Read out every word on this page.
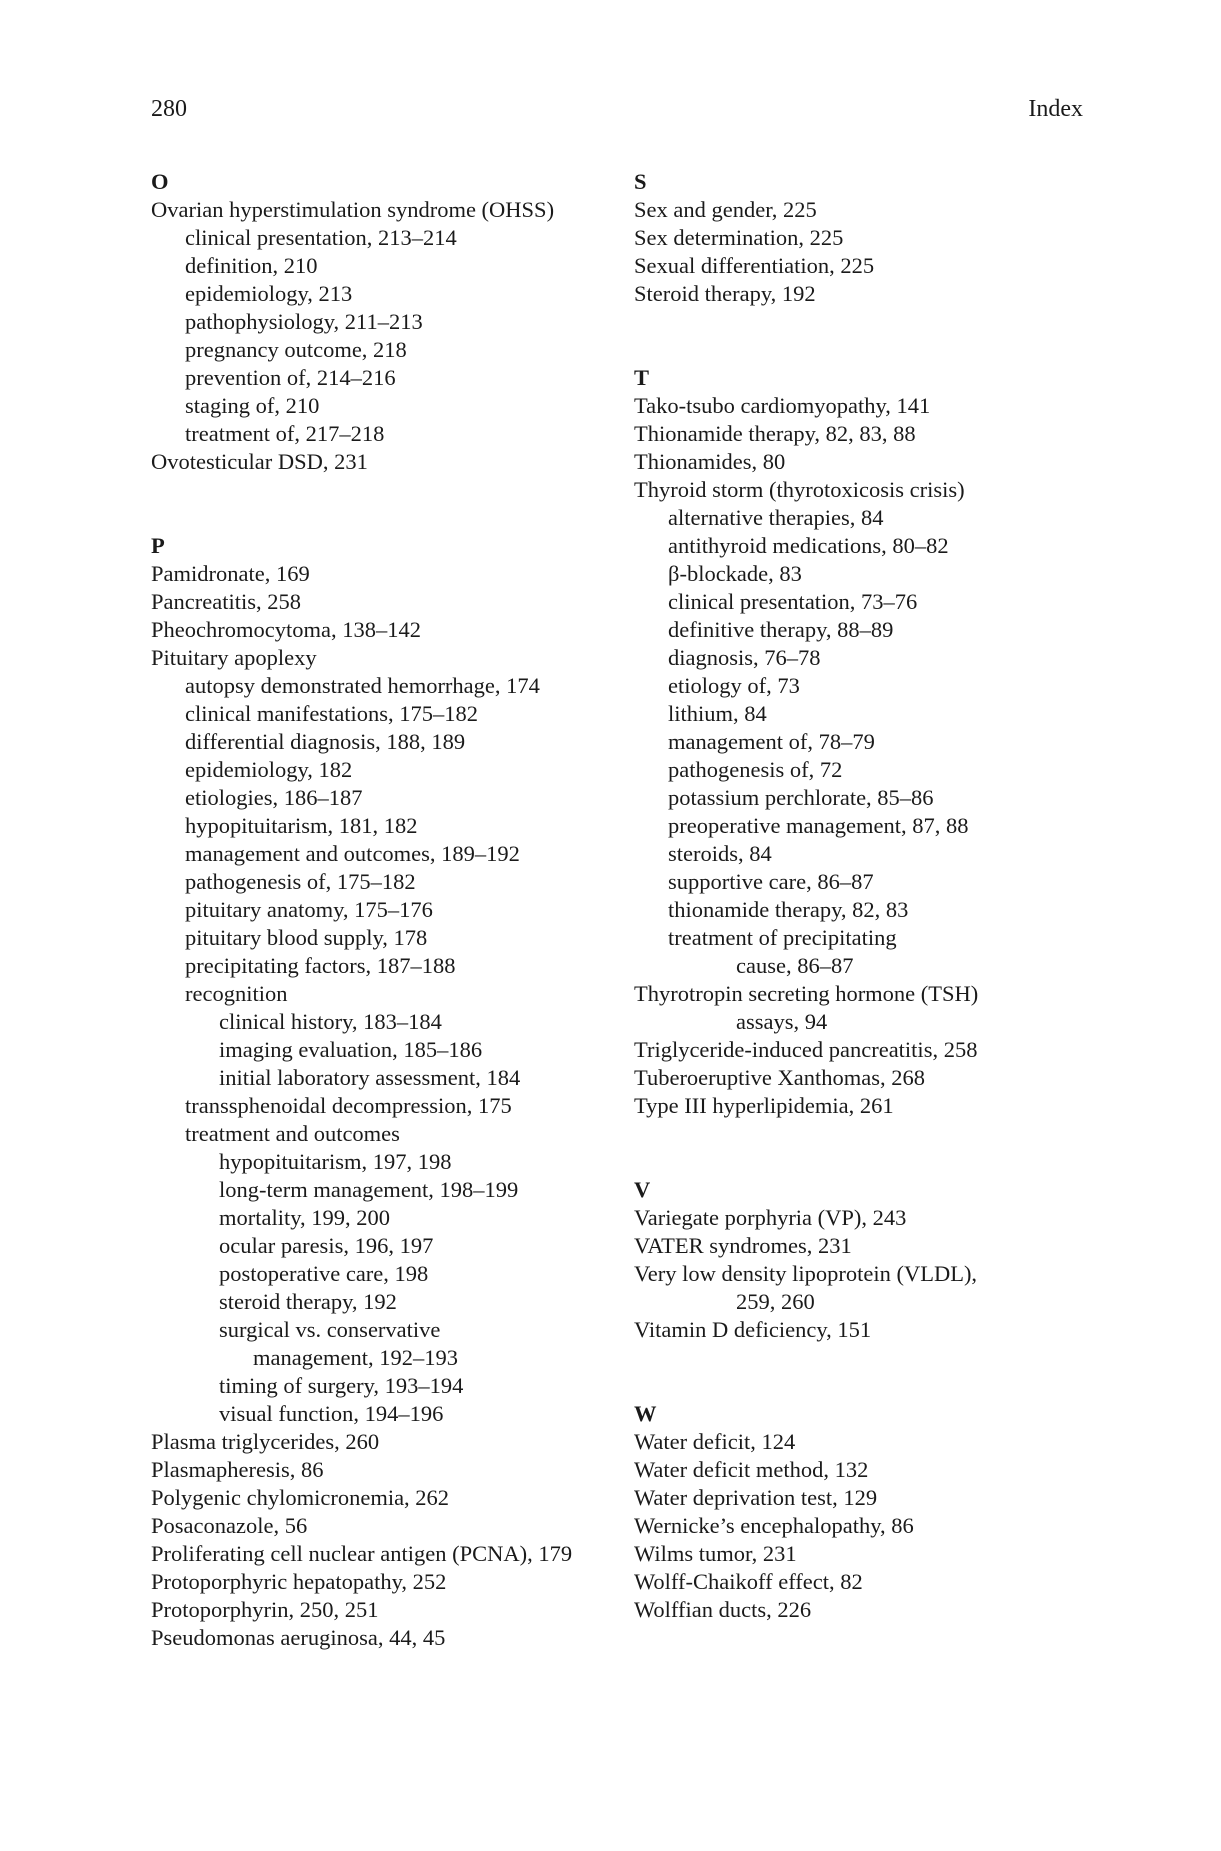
280	Index
O
Ovarian hyperstimulation syndrome (OHSS)
clinical presentation, 213–214
definition, 210
epidemiology, 213
pathophysiology, 211–213
pregnancy outcome, 218
prevention of, 214–216
staging of, 210
treatment of, 217–218
Ovotesticular DSD, 231
P
Pamidronate, 169
Pancreatitis, 258
Pheochromocytoma, 138–142
Pituitary apoplexy
autopsy demonstrated hemorrhage, 174
clinical manifestations, 175–182
differential diagnosis, 188, 189
epidemiology, 182
etiologies, 186–187
hypopituitarism, 181, 182
management and outcomes, 189–192
pathogenesis of, 175–182
pituitary anatomy, 175–176
pituitary blood supply, 178
precipitating factors, 187–188
recognition
clinical history, 183–184
imaging evaluation, 185–186
initial laboratory assessment, 184
transsphenoidal decompression, 175
treatment and outcomes
hypopituitarism, 197, 198
long-term management, 198–199
mortality, 199, 200
ocular paresis, 196, 197
postoperative care, 198
steroid therapy, 192
surgical vs. conservative
management, 192–193
timing of surgery, 193–194
visual function, 194–196
Plasma triglycerides, 260
Plasmapheresis, 86
Polygenic chylomicronemia, 262
Posaconazole, 56
Proliferating cell nuclear antigen (PCNA), 179
Protoporphyric hepatopathy, 252
Protoporphyrin, 250, 251
Pseudomonas aeruginosa, 44, 45
S
Sex and gender, 225
Sex determination, 225
Sexual differentiation, 225
Steroid therapy, 192
T
Tako-tsubo cardiomyopathy, 141
Thionamide therapy, 82, 83, 88
Thionamides, 80
Thyroid storm (thyrotoxicosis crisis)
alternative therapies, 84
antithyroid medications, 80–82
β-blockade, 83
clinical presentation, 73–76
definitive therapy, 88–89
diagnosis, 76–78
etiology of, 73
lithium, 84
management of, 78–79
pathogenesis of, 72
potassium perchlorate, 85–86
preoperative management, 87, 88
steroids, 84
supportive care, 86–87
thionamide therapy, 82, 83
treatment of precipitating
cause, 86–87
Thyrotropin secreting hormone (TSH)
assays, 94
Triglyceride-induced pancreatitis, 258
Tuberoeruptive Xanthomas, 268
Type III hyperlipidemia, 261
V
Variegate porphyria (VP), 243
VATER syndromes, 231
Very low density lipoprotein (VLDL),
259, 260
Vitamin D deficiency, 151
W
Water deficit, 124
Water deficit method, 132
Water deprivation test, 129
Wernicke’s encephalopathy, 86
Wilms tumor, 231
Wolff-Chaikoff effect, 82
Wolffian ducts, 226
